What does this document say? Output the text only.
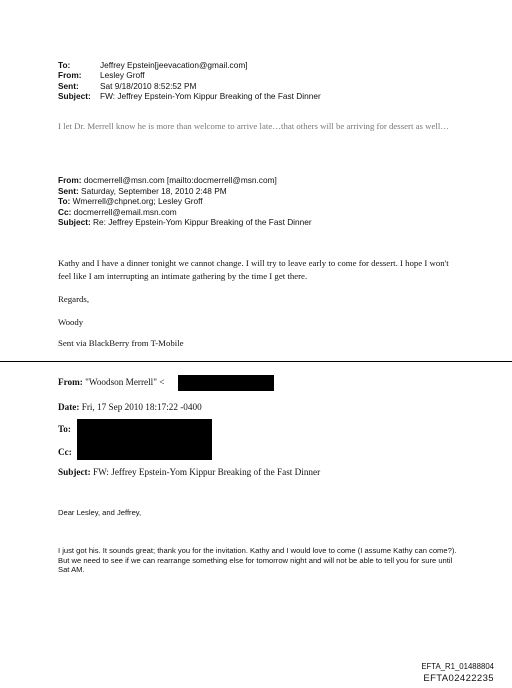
To:	Jeffrey Epstein[jeevacation@gmail.com]
From:	Lesley Groff
Sent:	Sat 9/18/2010 8:52:52 PM
Subject:	FW: Jeffrey Epstein-Yom Kippur Breaking of the Fast Dinner
I let Dr. Merrell know he is more than welcome to arrive late…that others will be arriving for dessert as well…
From: docmerrell@msn.com [mailto:docmerrell@msn.com]
Sent: Saturday, September 18, 2010 2:48 PM
To: Wmerrell@chpnet.org; Lesley Groff
Cc: docmerrell@email.msn.com
Subject: Re: Jeffrey Epstein-Yom Kippur Breaking of the Fast Dinner
Kathy and I have a dinner tonight we cannot change. I will try to leave early to come for dessert. I hope I won't feel like I am interrupting an intimate gathering by the time I get there.
Regards,
Woody
Sent via BlackBerry from T-Mobile
From: "Woodson Merrell" <
Date: Fri, 17 Sep 2010 18:17:22 -0400
To:
Cc:
Subject: FW: Jeffrey Epstein-Yom Kippur Breaking of the Fast Dinner
Dear Lesley, and Jeffrey,
I just got his. It sounds great; thank you for the invitation. Kathy and I would love to come (I assume Kathy can come?). But we need to see if we can rearrange something else for tomorrow night and will not be able to tell you for sure until Sat AM.
EFTA_R1_01488804
EFTA02422235
